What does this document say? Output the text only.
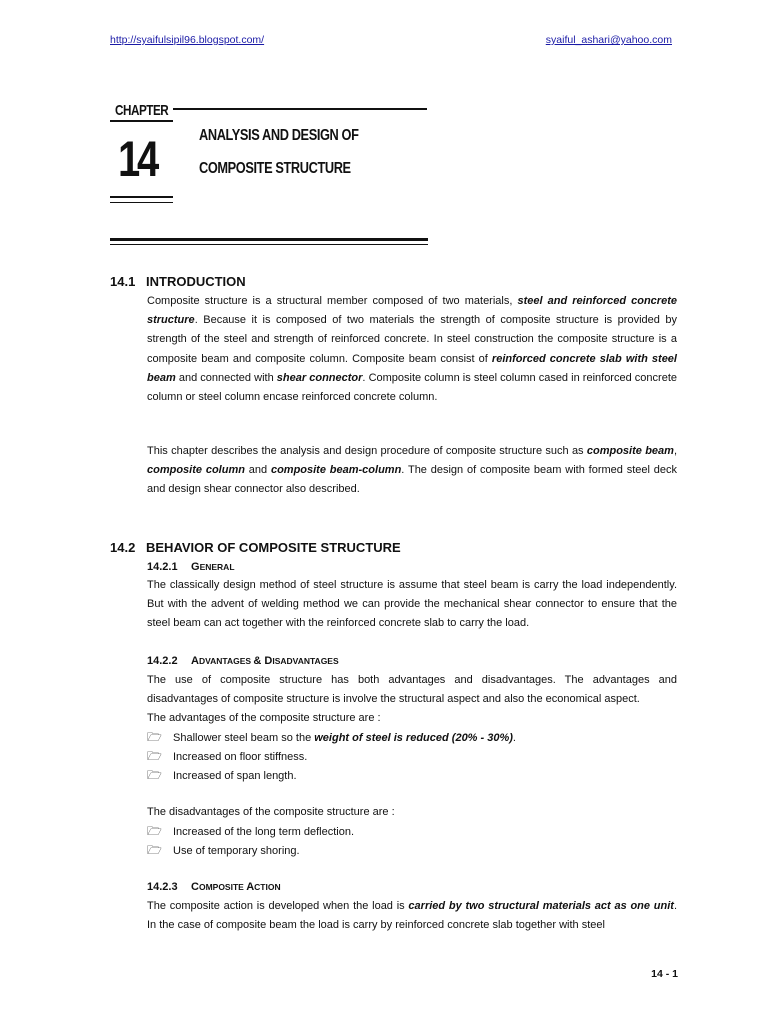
http://syaifulsipil96.blogspot.com/	syaiful_ashari@yahoo.com
CHAPTER
14	ANALYSIS AND DESIGN OF
COMPOSITE STRUCTURE
14.1 INTRODUCTION
Composite structure is a structural member composed of two materials, steel and reinforced concrete structure. Because it is composed of two materials the strength of composite structure is provided by strength of the steel and strength of reinforced concrete. In steel construction the composite structure is a composite beam and composite column. Composite beam consist of reinforced concrete slab with steel beam and connected with shear connector. Composite column is steel column cased in reinforced concrete column or steel column encase reinforced concrete column.
This chapter describes the analysis and design procedure of composite structure such as composite beam, composite column and composite beam-column. The design of composite beam with formed steel deck and design shear connector also described.
14.2 BEHAVIOR OF COMPOSITE STRUCTURE
14.2.1 GENERAL
The classically design method of steel structure is assume that steel beam is carry the load independently. But with the advent of welding method we can provide the mechanical shear connector to ensure that the steel beam can act together with the reinforced concrete slab to carry the load.
14.2.2 ADVANTAGES & DISADVANTAGES
The use of composite structure has both advantages and disadvantages. The advantages and disadvantages of composite structure is involve the structural aspect and also the economical aspect.
The advantages of the composite structure are :
🗁 Shallower steel beam so the weight of steel is reduced (20% - 30%).
🗁 Increased on floor stiffness.
🗁 Increased of span length.
The disadvantages of the composite structure are :
🗁 Increased of the long term deflection.
🗁 Use of temporary shoring.
14.2.3 COMPOSITE ACTION
The composite action is developed when the load is carried by two structural materials act as one unit. In the case of composite beam the load is carry by reinforced concrete slab together with steel
14 - 1
